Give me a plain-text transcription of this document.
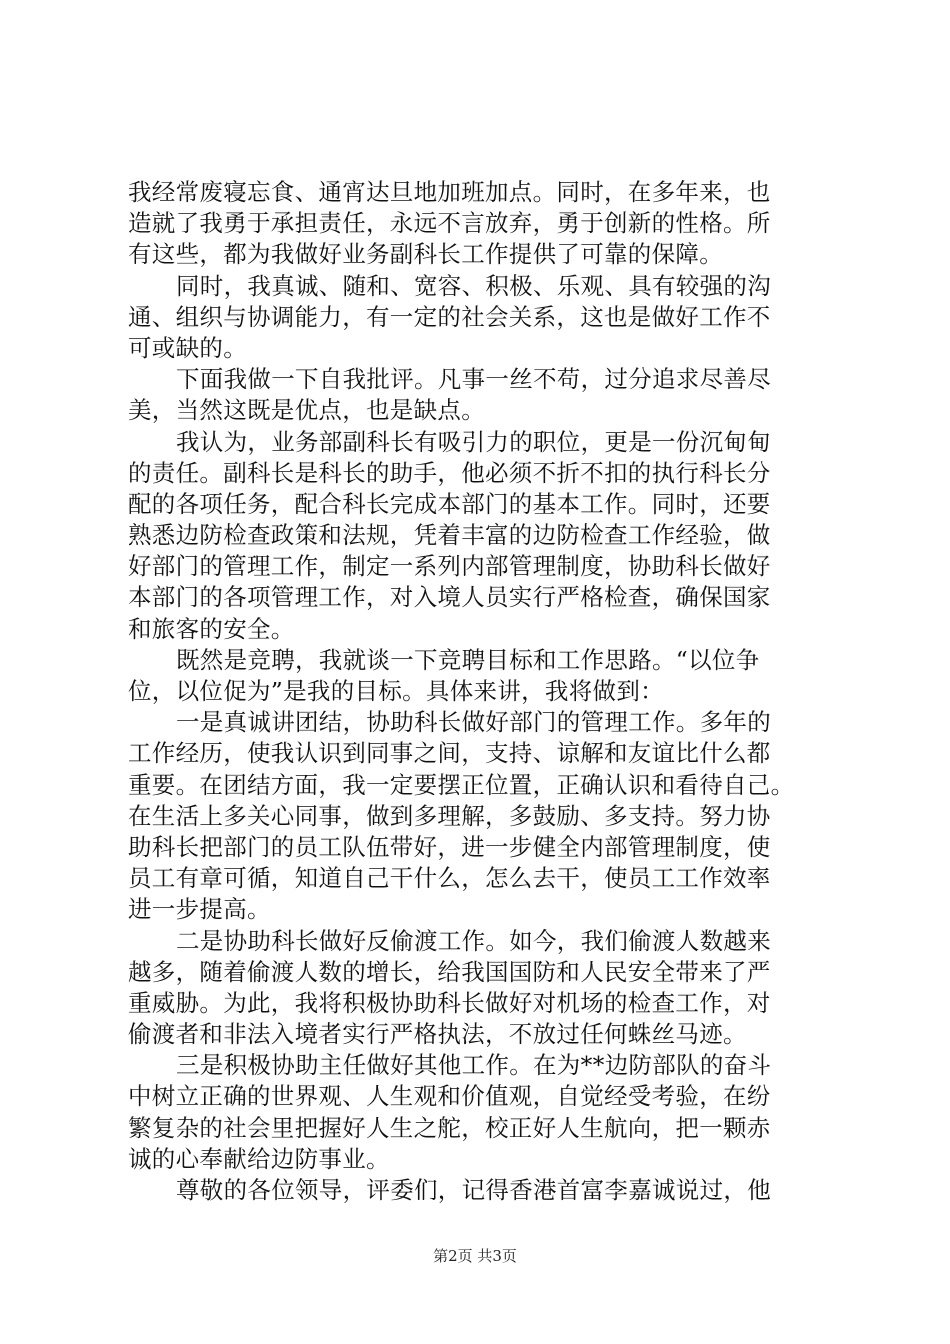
我经常废寝忘食、通宵达旦地加班加点。同时，在多年来，也
造就了我勇于承担责任，永远不言放弃，勇于创新的性格。所
有这些，都为我做好业务副科长工作提供了可靠的保障。
同时，我真诚、随和、宽容、积极、乐观、具有较强的沟
通、组织与协调能力，有一定的社会关系，这也是做好工作不
可或缺的。
下面我做一下自我批评。凡事一丝不苟，过分追求尽善尽
美，当然这既是优点，也是缺点。
我认为，业务部副科长有吸引力的职位，更是一份沉甸甸
的责任。副科长是科长的助手，他必须不折不扣的执行科长分
配的各项任务，配合科长完成本部门的基本工作。同时，还要
熟悉边防检查政策和法规，凭着丰富的边防检查工作经验，做
好部门的管理工作，制定一系列内部管理制度，协助科长做好
本部门的各项管理工作，对入境人员实行严格检查，确保国家
和旅客的安全。
既然是竞聘，我就谈一下竞聘目标和工作思路。“以位争
位，以位促为”是我的目标。具体来讲，我将做到：
一是真诚讲团结，协助科长做好部门的管理工作。多年的
工作经历，使我认识到同事之间，支持、谅解和友谊比什么都
重要。在团结方面，我一定要摆正位置，正确认识和看待自己。
在生活上多关心同事，做到多理解，多鼓励、多支持。努力协
助科长把部门的员工队伍带好，进一步健全内部管理制度，使
员工有章可循，知道自己干什么，怎么去干，使员工工作效率
进一步提高。
二是协助科长做好反偷渡工作。如今，我们偷渡人数越来
越多，随着偷渡人数的增长，给我国国防和人民安全带来了严
重威胁。为此，我将积极协助科长做好对机场的检查工作，对
偷渡者和非法入境者实行严格执法，不放过任何蛛丝马迹。
三是积极协助主任做好其他工作。在为**边防部队的奋斗
中树立正确的世界观、人生观和价值观，自觉经受考验，在纷
繁复杂的社会里把握好人生之舵，校正好人生航向，把一颗赤
诚的心奉献给边防事业。
尊敬的各位领导，评委们，记得香港首富李嘉诚说过，他
第2页 共3页
